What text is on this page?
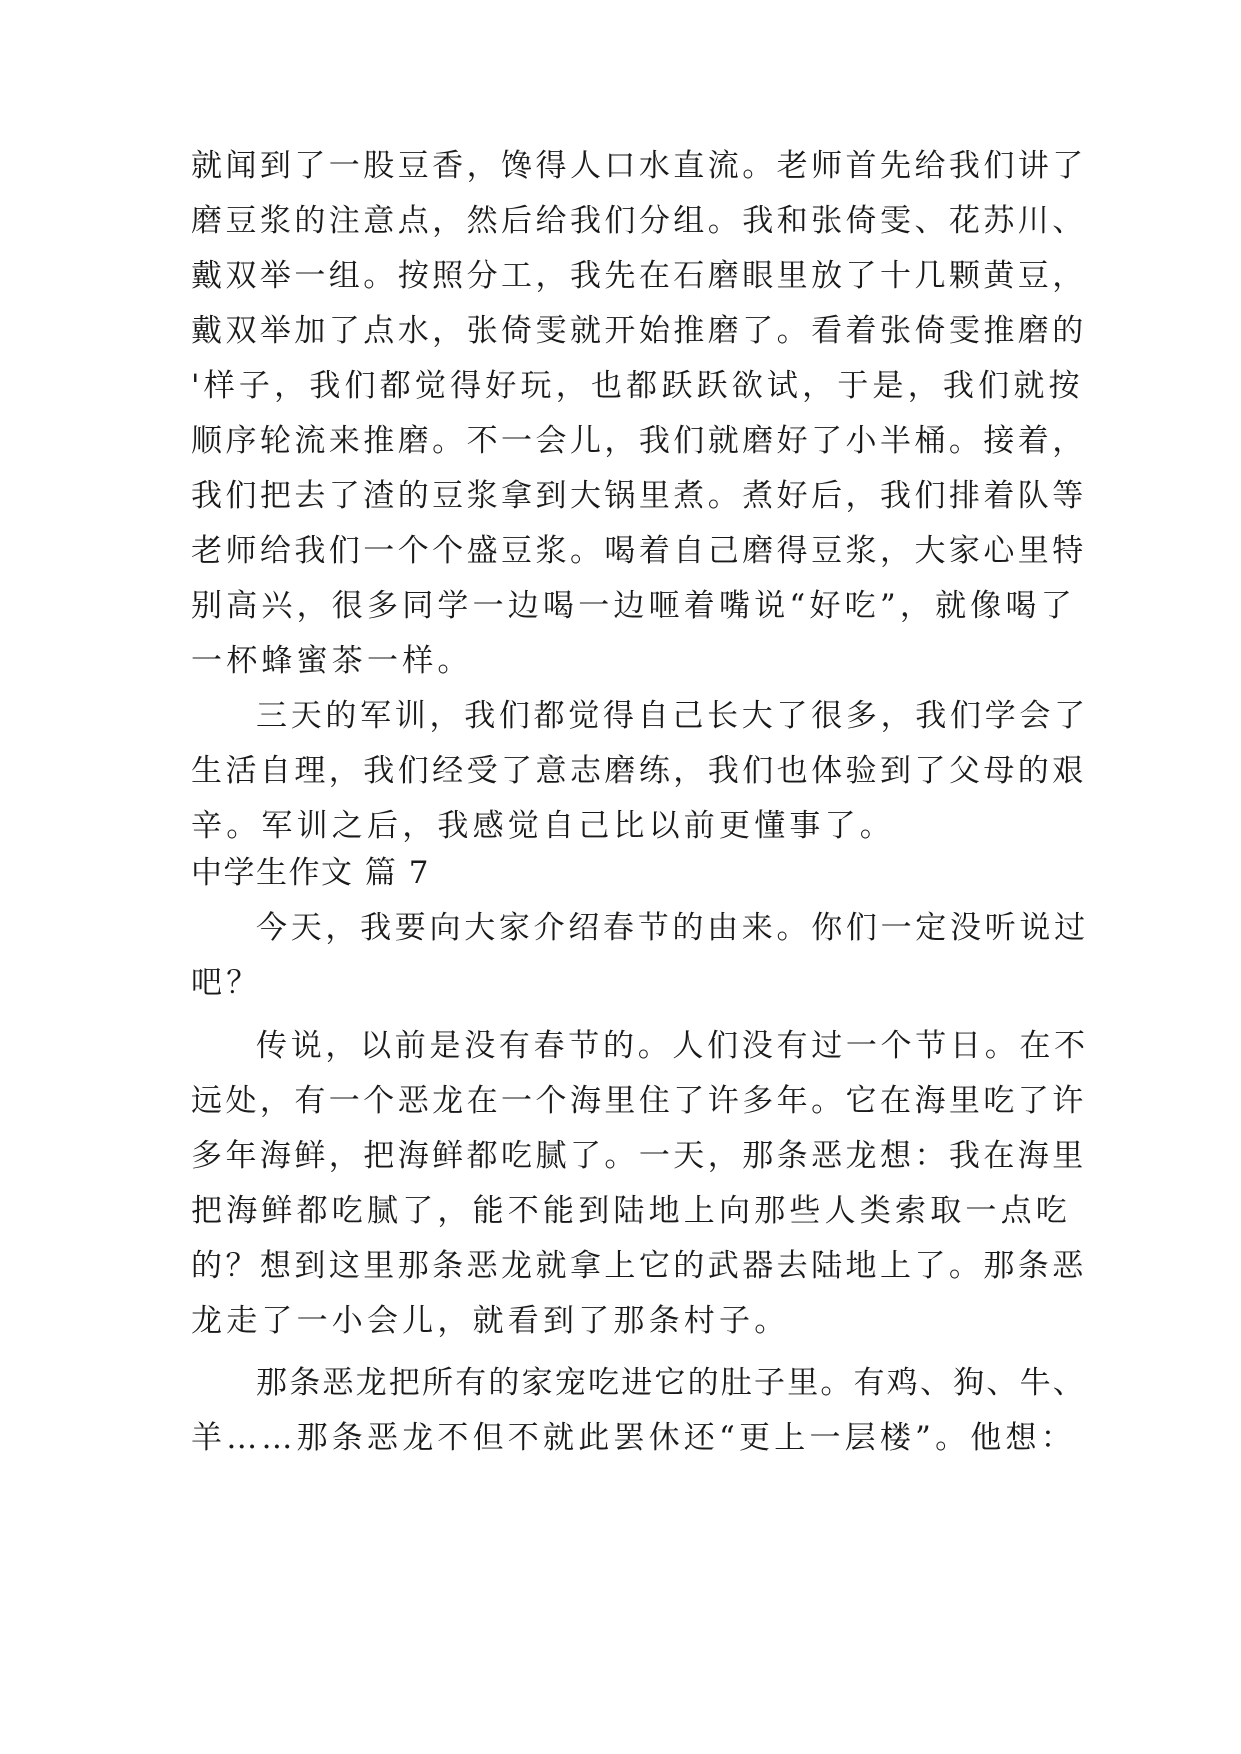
就闻到了一股豆香，馋得人口水直流。老师首先给我们讲了

磨豆浆的注意点，然后给我们分组。我和张倚雯、花苏川、

戴双举一组。按照分工，我先在石磨眼里放了十几颗黄豆，

戴双举加了点水，张倚雯就开始推磨了。看着张倚雯推磨的

'样子，我们都觉得好玩，也都跃跃欲试，于是，我们就按

顺序轮流来推磨。不一会儿，我们就磨好了小半桶。接着，

我们把去了渣的豆浆拿到大锅里煮。煮好后，我们排着队等

老师给我们一个个盛豆浆。喝着自己磨得豆浆，大家心里特

别高兴，很多同学一边喝一边咂着嘴说“好吃”，就像喝了

一杯蜂蜜茶一样。

三天的军训，我们都觉得自己长大了很多，我们学会了

生活自理，我们经受了意志磨练，我们也体验到了父母的艰

辛。军训之后，我感觉自己比以前更懂事了。

中学生作文 篇 7

今天，我要向大家介绍春节的由来。你们一定没听说过

吧？

传说，以前是没有春节的。人们没有过一个节日。在不

远处，有一个恶龙在一个海里住了许多年。它在海里吃了许

多年海鲜，把海鲜都吃腻了。一天，那条恶龙想：我在海里

把海鲜都吃腻了，能不能到陆地上向那些人类索取一点吃

的？想到这里那条恶龙就拿上它的武器去陆地上了。那条恶

龙走了一小会儿，就看到了那条村子。

那条恶龙把所有的家宠吃进它的肚子里。有鸡、狗、牛、

羊……那条恶龙不但不就此罢休还“更上一层楼”。他想：
